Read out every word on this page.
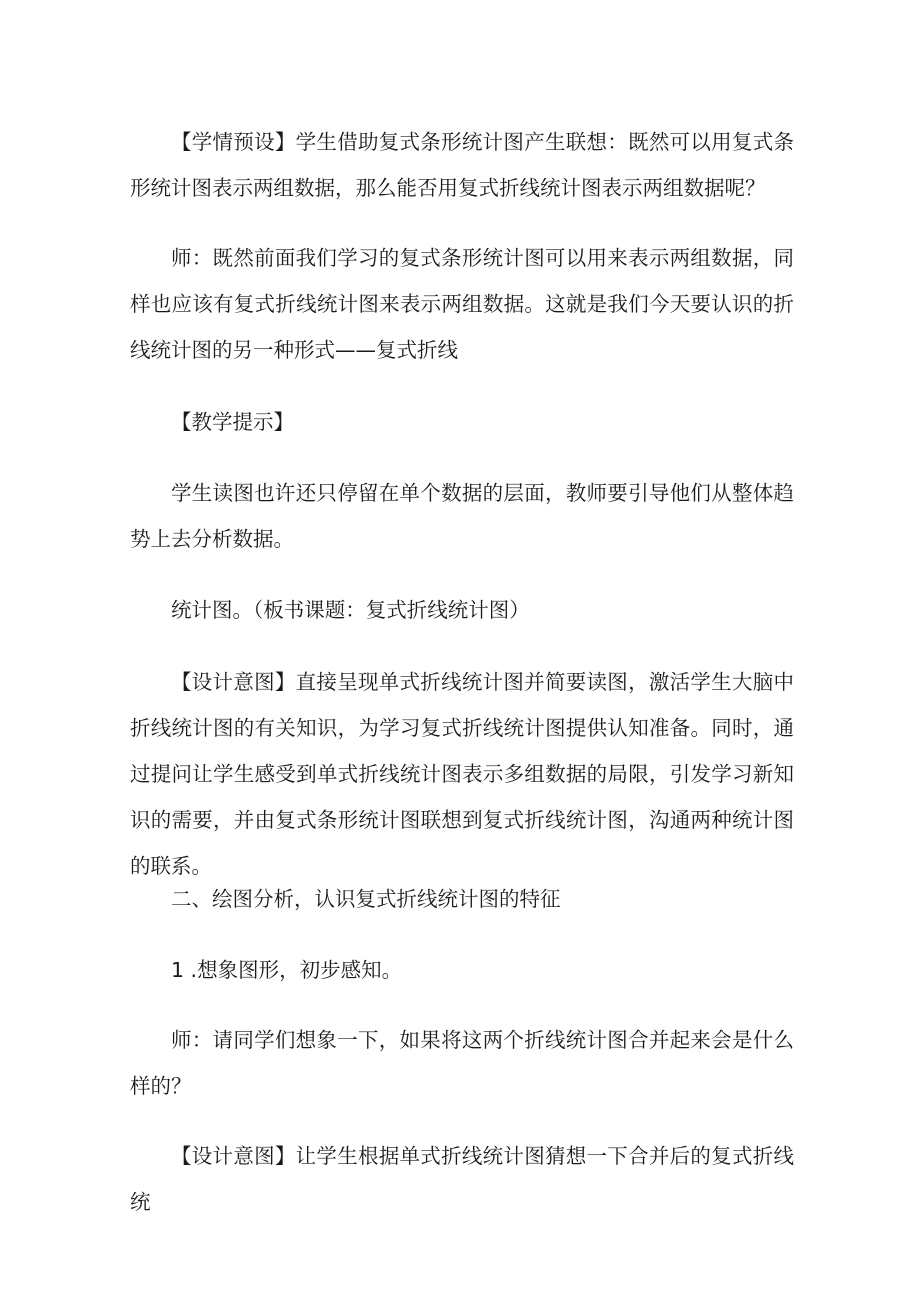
【学情预设】学生借助复式条形统计图产生联想：既然可以用复式条形统计图表示两组数据，那么能否用复式折线统计图表示两组数据呢？

师：既然前面我们学习的复式条形统计图可以用来表示两组数据，同样也应该有复式折线统计图来表示两组数据。这就是我们今天要认识的折线统计图的另一种形式——复式折线

【教学提示】

学生读图也许还只停留在单个数据的层面，教师要引导他们从整体趋势上去分析数据。

统计图。（板书课题：复式折线统计图）

【设计意图】直接呈现单式折线统计图并简要读图，激活学生大脑中折线统计图的有关知识，为学习复式折线统计图提供认知准备。同时，通过提问让学生感受到单式折线统计图表示多组数据的局限，引发学习新知识的需要，并由复式条形统计图联想到复式折线统计图，沟通两种统计图的联系。

二、绘图分析，认识复式折线统计图的特征

1 .想象图形，初步感知。

师：请同学们想象一下，如果将这两个折线统计图合并起来会是什么样的？

【设计意图】让学生根据单式折线统计图猜想一下合并后的复式折线统
